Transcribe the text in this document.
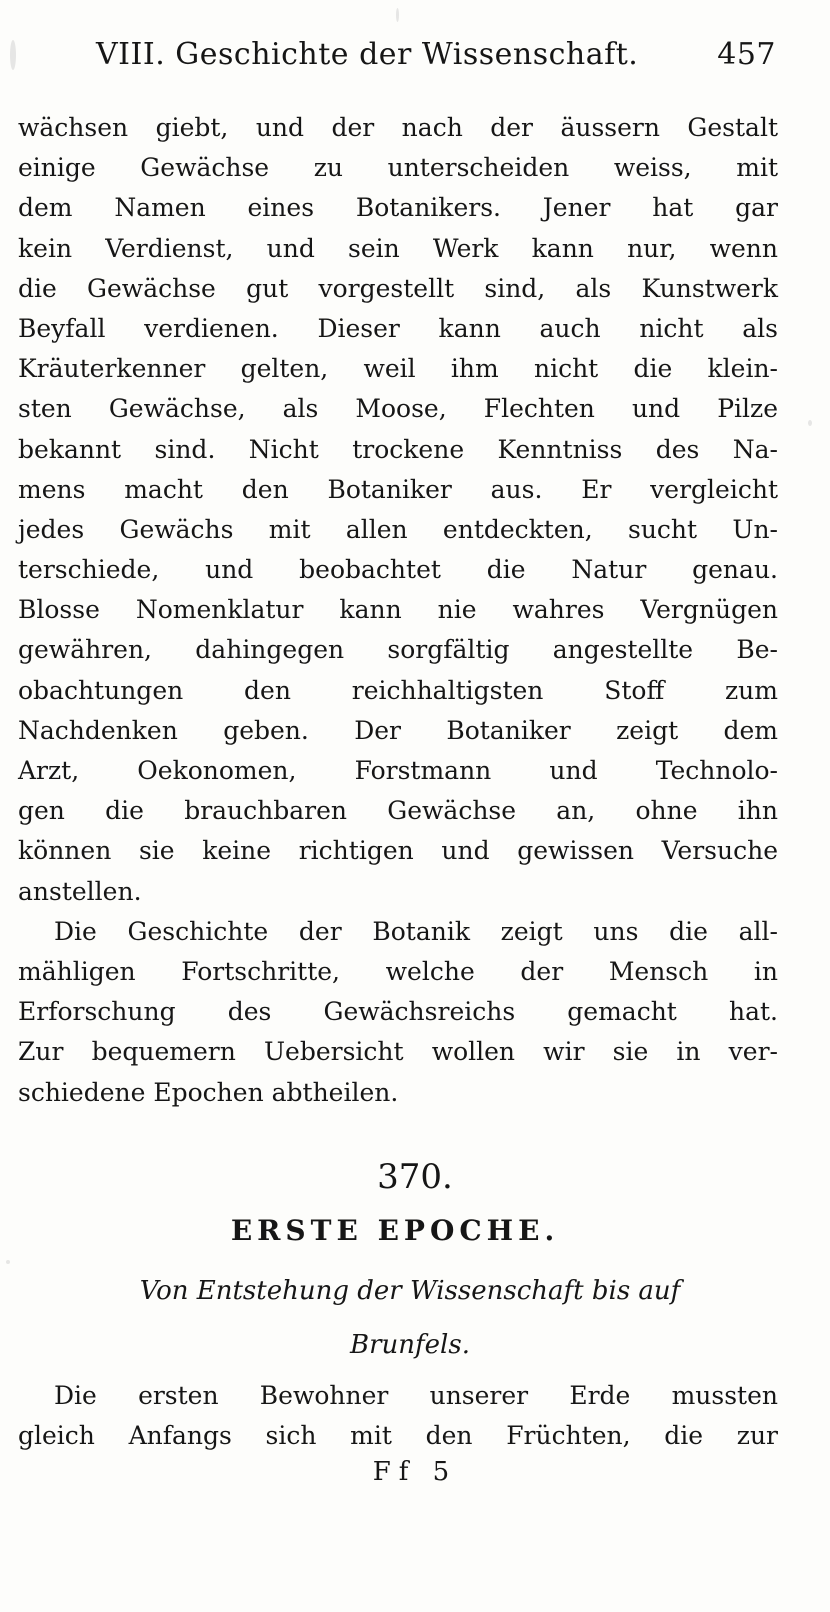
VIII. Geschichte der Wissenschaft.	457
wächsen giebt, und der nach der äussern Gestalt
einige Gewächse zu unterscheiden weiss, mit
dem Namen eines Botanikers. Jener hat gar
kein Verdienst, und sein Werk kann nur, wenn
die Gewächse gut vorgestellt sind, als Kunstwerk
Beyfall verdienen. Dieser kann auch nicht als
Kräuterkenner gelten, weil ihm nicht die klein-
sten Gewächse, als Moose, Flechten und Pilze
bekannt sind. Nicht trockene Kenntniss des Na-
mens macht den Botaniker aus. Er vergleicht
jedes Gewächs mit allen entdeckten, sucht Un-
terschiede, und beobachtet die Natur genau.
Blosse Nomenklatur kann nie wahres Vergnügen
gewähren, dahingegen sorgfältig angestellte Be-
obachtungen den reichhaltigsten Stoff zum
Nachdenken geben. Der Botaniker zeigt dem
Arzt, Oekonomen, Forstmann und Technolo-
gen die brauchbaren Gewächse an, ohne ihn
können sie keine richtigen und gewissen Versuche
anstellen.
Die Geschichte der Botanik zeigt uns die all-
mähligen Fortschritte, welche der Mensch in
Erforschung des Gewächsreichs gemacht hat.
Zur bequemern Uebersicht wollen wir sie in ver-
schiedene Epochen abtheilen.
370.
ERSTE EPOCHE.
Von Entstehung der Wissenschaft bis auf
Brunfels.
Die ersten Bewohner unserer Erde mussten
gleich Anfangs sich mit den Früchten, die zur
Ff 5
